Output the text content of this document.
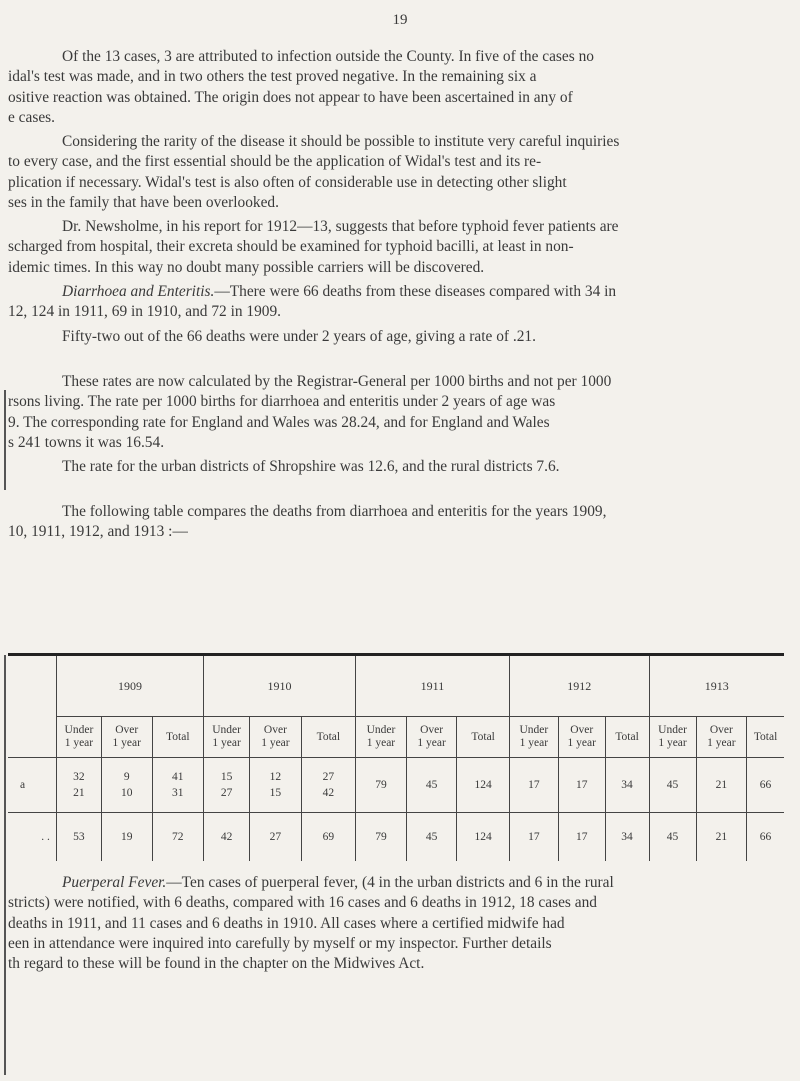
19

Of the 13 cases, 3 are attributed to infection outside the County. In five of the cases no

idal's test was made, and in two others the test proved negative. In the remaining six a

ositive reaction was obtained. The origin does not appear to have been ascertained in any of

e cases.

Considering the rarity of the disease it should be possible to institute very careful inquiries

to every case, and the first essential should be the application of Widal's test and its re-

plication if necessary. Widal's test is also often of considerable use in detecting other slight

ses in the family that have been overlooked.

Dr. Newsholme, in his report for 1912—13, suggests that before typhoid fever patients are

scharged from hospital, their excreta should be examined for typhoid bacilli, at least in non-

idemic times. In this way no doubt many possible carriers will be discovered.

Diarrhoea and Enteritis.—There were 66 deaths from these diseases compared with 34 in

12, 124 in 1911, 69 in 1910, and 72 in 1909.

Fifty-two out of the 66 deaths were under 2 years of age, giving a rate of .21.

These rates are now calculated by the Registrar-General per 1000 births and not per 1000

rsons living. The rate per 1000 births for diarrhoea and enteritis under 2 years of age was

9. The corresponding rate for England and Wales was 28.24, and for England and Wales

s 241 towns it was 16.54.

The rate for the urban districts of Shropshire was 12.6, and the rural districts 7.6.

The following table compares the deaths from diarrhoea and enteritis for the years 1909,

10, 1911, 1912, and 1913 :—

	1909			1910			1911			1912			1913		
	Under
1 year	Over
1 year	Total	Under
1 year	Over
1 year	Total	Under
1 year	Over
1 year	Total	Under
1 year	Over
1 year	Total	Under
1 year	Over
1 year	Total
a	32
21	9
10	41
31	15
27	12
15	27
42	79	45	124	17	17	34	45	21	66
. .	53	19	72	42	27	69	79	45	124	17	17	34	45	21	66

Puerperal Fever.—Ten cases of puerperal fever, (4 in the urban districts and 6 in the rural

stricts) were notified, with 6 deaths, compared with 16 cases and 6 deaths in 1912, 18 cases and

deaths in 1911, and 11 cases and 6 deaths in 1910. All cases where a certified midwife had

een in attendance were inquired into carefully by myself or my inspector. Further details

th regard to these will be found in the chapter on the Midwives Act.
